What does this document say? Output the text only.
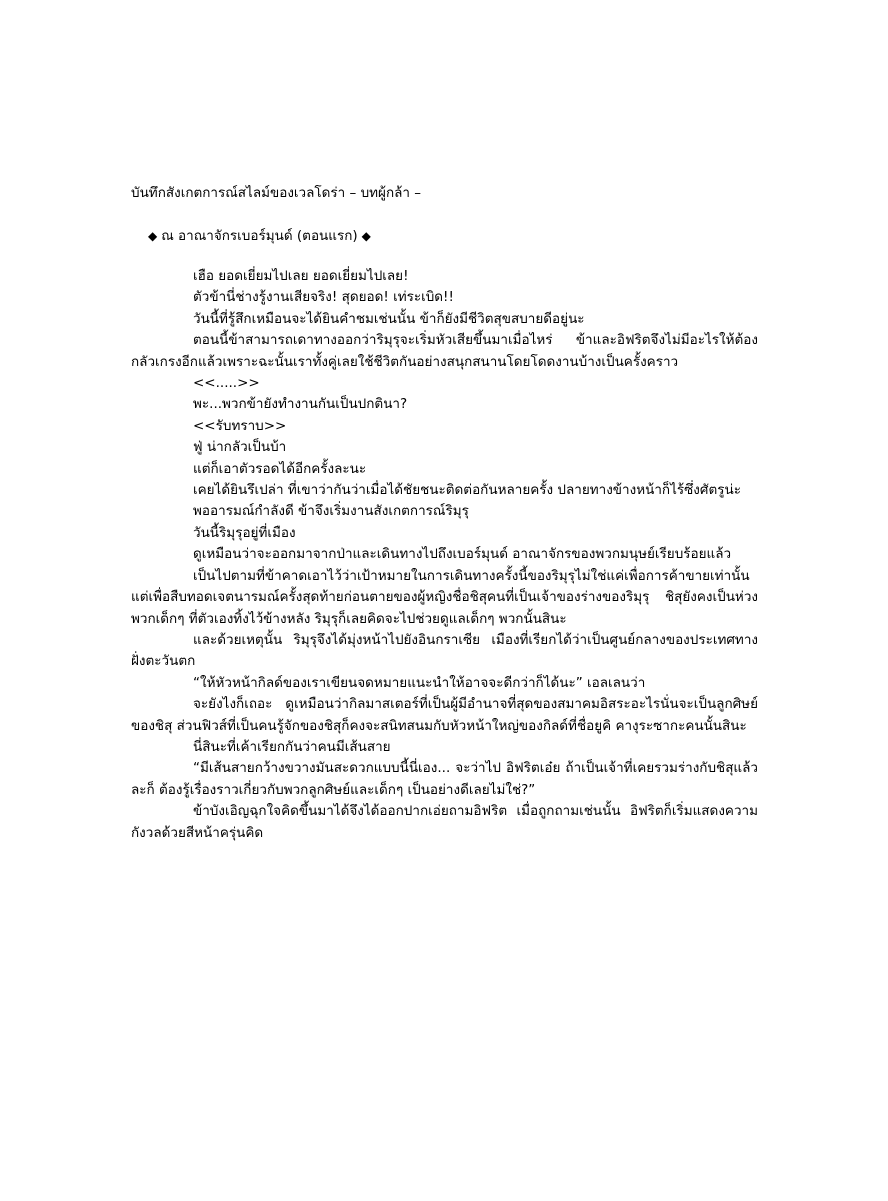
บันทึกสังเกตการณ์สไลม์ของเวลโดร่า – บทผู้กล้า –
◆ ณ อาณาจักรเบอร์มุนด์ (ตอนแรก) ◆

เฮือ ยอดเยี่ยมไปเลย ยอดเยี่ยมไปเลย!

ตัวข้านี่ช่างรู้งานเสียจริง! สุดยอด! เท่ระเบิด!!

วันนี้ที่รู้สึกเหมือนจะได้ยินคำชมเช่นนั้น ข้าก็ยังมีชีวิตสุขสบายดีอยู่นะ

ตอนนี้ข้าสามารถเดาทางออกว่าริมุรุจะเริ่มหัวเสียขึ้นมาเมื่อไหร่ ข้าและอิฟริตจึงไม่มีอะไรให้ต้องกลัวเกรงอีกแล้วเพราะฉะนั้นเราทั้งคู่เลยใช้ชีวิตกันอย่างสนุกสนานโดยโดดงานบ้างเป็นครั้งคราว

<<.....>>

พะ...พวกข้ายังทำงานกันเป็นปกตินา?

<<รับทราบ>>

ฟู่ น่ากลัวเป็นบ้า

แต่ก็เอาตัวรอดได้อีกครั้งละนะ

เคยได้ยินรึเปล่า ที่เขาว่ากันว่าเมื่อได้ชัยชนะติดต่อกันหลายครั้ง ปลายทางข้างหน้าก็ไร้ซึ่งศัตรูน่ะ

พออารมณ์กำลังดี ข้าจึงเริ่มงานสังเกตการณ์ริมุรุ

วันนี้ริมุรุอยู่ที่เมือง

ดูเหมือนว่าจะออกมาจากป่าและเดินทางไปถึงเบอร์มุนด์ อาณาจักรของพวกมนุษย์เรียบร้อยแล้ว

เป็นไปตามที่ข้าคาดเอาไว้ว่าเป้าหมายในการเดินทางครั้งนี้ของริมุรุไม่ใช่แค่เพื่อการค้าขายเท่านั้นแต่เพื่อสืบทอดเจตนารมณ์ครั้งสุดท้ายก่อนตายของผู้หญิงชื่อชิสุคนที่เป็นเจ้าของร่างของริมุรุ ชิสุยังคงเป็นห่วงพวกเด็กๆ ที่ตัวเองทิ้งไว้ข้างหลัง ริมุรุก็เลยคิดจะไปช่วยดูแลเด็กๆ พวกนั้นสินะ

และด้วยเหตุนั้น ริมุรุจึงได้มุ่งหน้าไปยังอินกราเซีย เมืองที่เรียกได้ว่าเป็นศูนย์กลางของประเทศทางฝั่งตะวันตก

“ให้หัวหน้ากิลด์ของเราเขียนจดหมายแนะนำให้อาจจะดีกว่าก็ได้นะ” เอลเลนว่า

จะยังไงก็เถอะ ดูเหมือนว่ากิลมาสเตอร์ที่เป็นผู้มีอำนาจที่สุดของสมาคมอิสระอะไรนั่นจะเป็นลูกศิษย์ของชิสุ ส่วนฟิวส์ที่เป็นคนรู้จักของชิสุก็คงจะสนิทสนมกับหัวหน้าใหญ่ของกิลด์ที่ชื่อยูคิ คางุระซากะคนนั้นสินะ

นี่สินะที่เค้าเรียกกันว่าคนมีเส้นสาย

“มีเส้นสายกว้างขวางมันสะดวกแบบนี้นี่เอง... จะว่าไป อิฟริตเอ๋ย ถ้าเป็นเจ้าที่เคยรวมร่างกับชิสุแล้วละก็ ต้องรู้เรื่องราวเกี่ยวกับพวกลูกศิษย์และเด็กๆ เป็นอย่างดีเลยไม่ใช่?”

ข้าบังเอิญฉุกใจคิดขึ้นมาได้จึงได้ออกปากเอ่ยถามอิฟริต เมื่อถูกถามเช่นนั้น อิฟริตก็เริ่มแสดงความกังวลด้วยสีหน้าครุ่นคิด
